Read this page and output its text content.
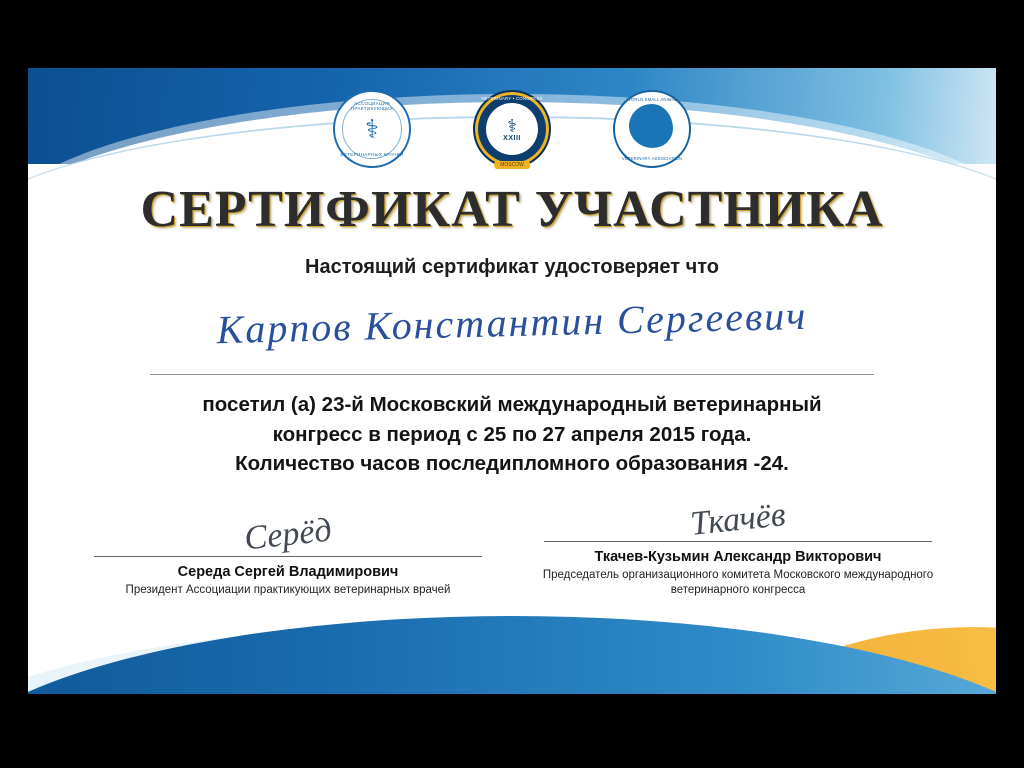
АССОЦИАЦИЯ ПРАКТИКУЮЩИХ
⚕
ВЕТЕРИНАРНЫХ ВРАЧЕЙ
VETERINARY • CONGRESS
⚕
XXIII
MOSCOW
WORLD SMALL ANIMAL
VETERINARY ASSOCIATION
СЕРТИФИКАТ УЧАСТНИКА
Настоящий сертификат удостоверяет что
Карпов Константин Сергеевич
посетил (а) 23-й Московский международный ветеринарный
конгресс в период с 25 по 27 апреля 2015 года.
Количество часов последипломного образования -24.
Серёд
Середа Сергей Владимирович
Президент Ассоциации практикующих ветеринарных врачей
Ткачёв
Ткачев-Кузьмин Александр Викторович
Председатель организационного комитета Московского международного ветеринарного конгресса
